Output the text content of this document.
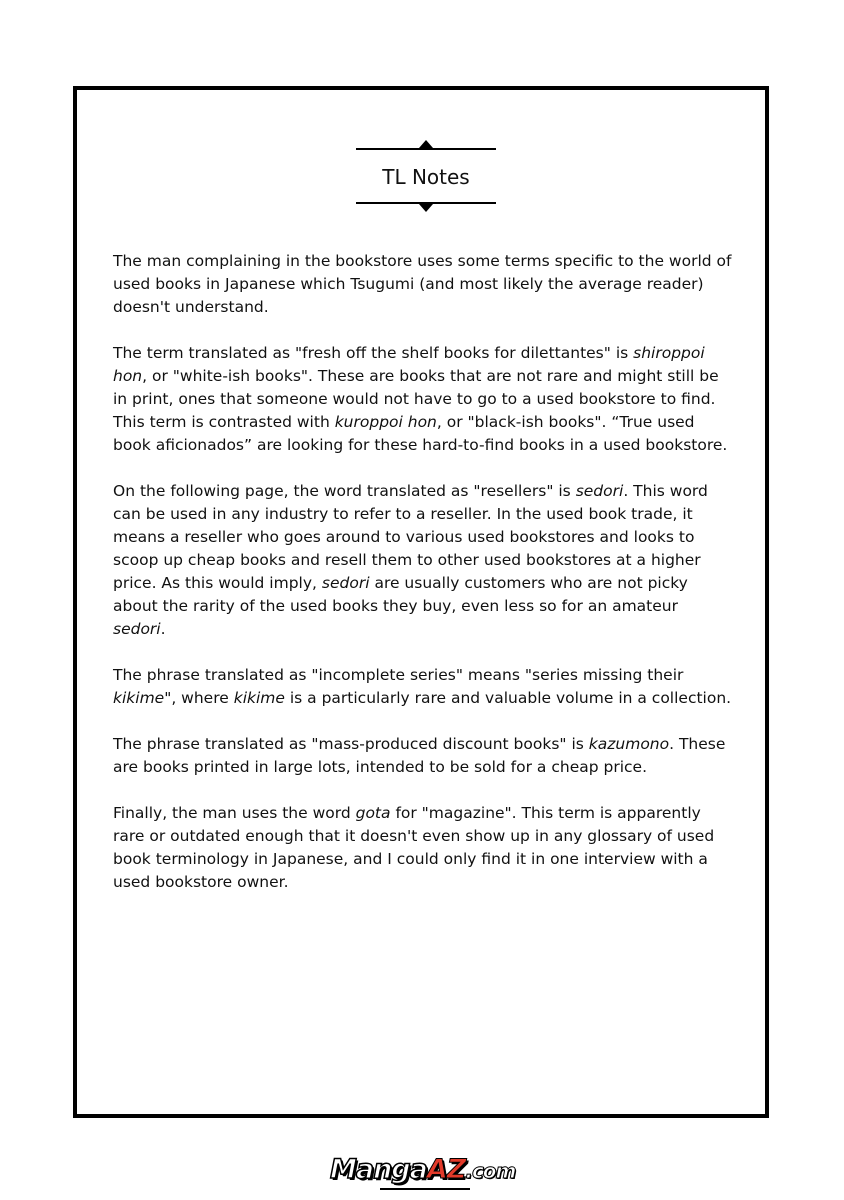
TL Notes

The man complaining in the bookstore uses some terms specific to the world of used books in Japanese which Tsugumi (and most likely the average reader) doesn't understand.

The term translated as "fresh off the shelf books for dilettantes" is shiroppoi hon, or "white-ish books". These are books that are not rare and might still be in print, ones that someone would not have to go to a used bookstore to find. This term is contrasted with kuroppoi hon, or "black-ish books". “True used book aficionados” are looking for these hard-to-find books in a used bookstore.

On the following page, the word translated as "resellers" is sedori. This word can be used in any industry to refer to a reseller. In the used book trade, it means a reseller who goes around to various used bookstores and looks to scoop up cheap books and resell them to other used bookstores at a higher price. As this would imply, sedori are usually customers who are not picky about the rarity of the used books they buy, even less so for an amateur sedori.

The phrase translated as "incomplete series" means "series missing their kikime", where kikime is a particularly rare and valuable volume in a collection.

The phrase translated as "mass-produced discount books" is kazumono. These are books printed in large lots, intended to be sold for a cheap price.

Finally, the man uses the word gota for "magazine". This term is apparently rare or outdated enough that it doesn't even show up in any glossary of used book terminology in Japanese, and I could only find it in one interview with a used bookstore owner.

MangaAZ.com
